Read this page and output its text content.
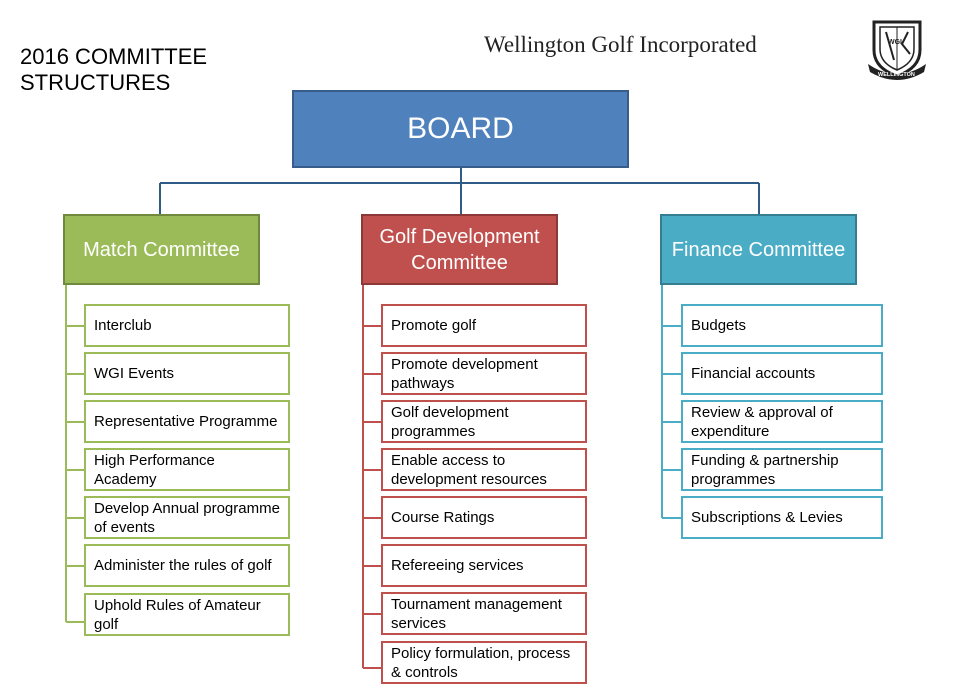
2016 COMMITTEE
STRUCTURES
Wellington Golf Incorporated	WGI
WELLINGTON
BOARD
Match Committee
Golf Development Committee
Finance Committee
Interclub
WGI Events
Representative Programme
High Performance Academy
Develop Annual programme of events
Administer the rules of golf
Uphold Rules of Amateur golf
Promote golf
Promote development pathways
Golf development programmes
Enable access to development resources
Course Ratings
Refereeing services
Tournament management services
Policy formulation, process & controls
Budgets
Financial accounts
Review & approval of expenditure
Funding & partnership programmes
Subscriptions & Levies
